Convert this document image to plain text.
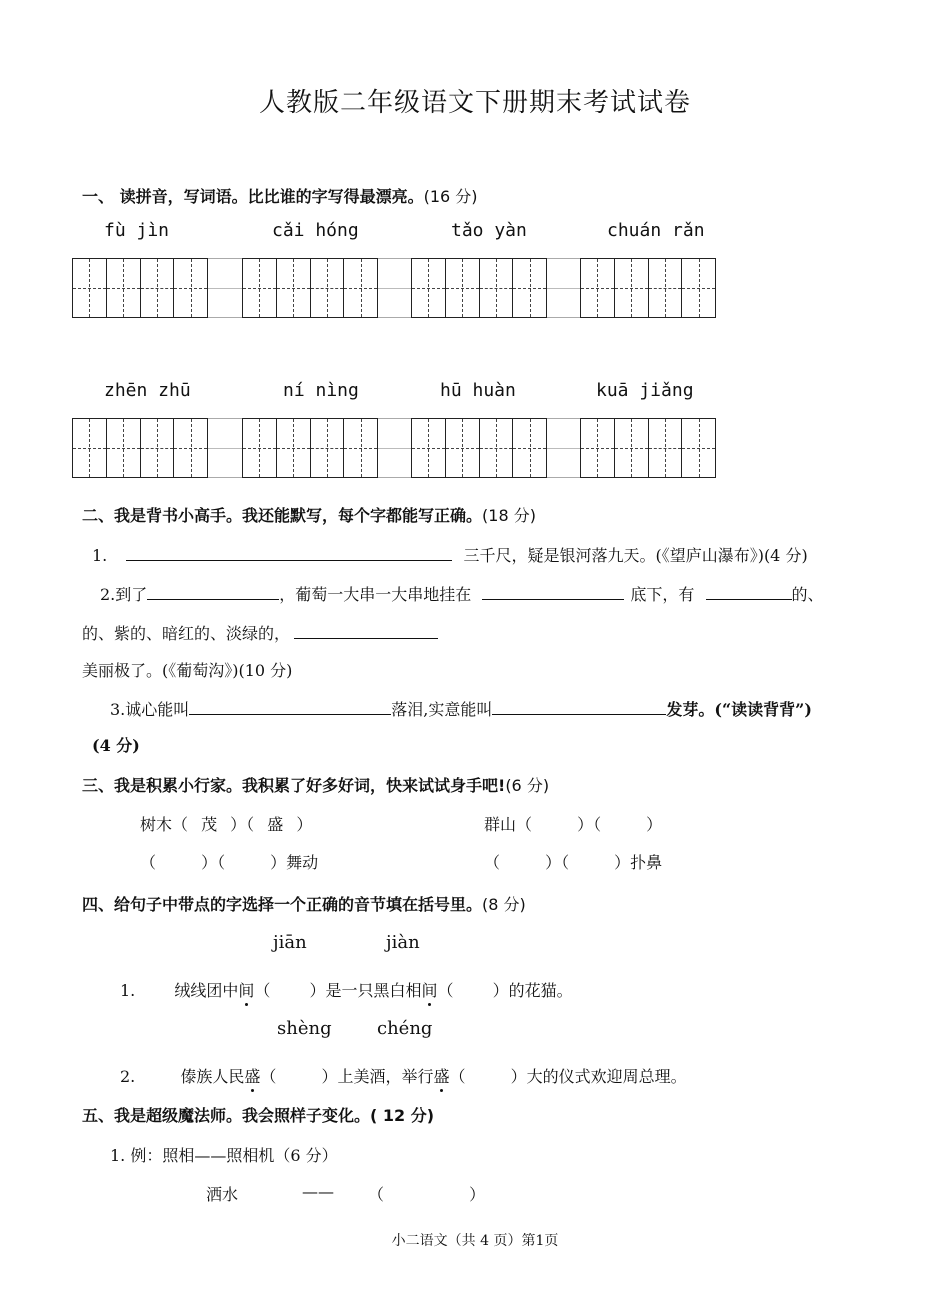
人教版二年级语文下册期末考试试卷
一、 读拼音，写词语。比比谁的字写得最漂亮。(16 分)
fù jìn	cǎi hóng	tǎo yàn	chuán rǎn
zhēn zhū	ní nìng	hū huàn	kuā jiǎng
二、我是背书小高手。我还能默写，每个字都能写正确。(18 分)
1.	三千尺，疑是银河落九天。(《望庐山瀑布》)(4 分)
2.到了	，葡萄一大串一大串地挂在	底下，有	的、
的、紫的、暗红的、淡绿的，
美丽极了。(《葡萄沟》)(10 分)
3.诚心能叫	落泪,实意能叫	发芽。(“读读背背”)
(4 分)
三、我是积累小行家。我积累了好多好词，快来试试身手吧!(6 分)
树木（ 茂 ）（ 盛 ）	群山（ ）（ ）
（ ）（ ）舞动	（ ）（ ）扑鼻
四、给句子中带点的字选择一个正确的音节填在括号里。(8 分)
jiān	jiàn
1. 绒线团中间（ ）是一只黑白相间（ ）的花猫。
shèng	chéng
2. 傣族人民盛（ ）上美酒，举行盛（ ）大的仪式欢迎周总理。
五、我是超级魔法师。我会照样子变化。( 12 分)
1. 例：照相——照相机（6 分）
洒水	—— （ ）
小二语文（共 4 页）第1页
